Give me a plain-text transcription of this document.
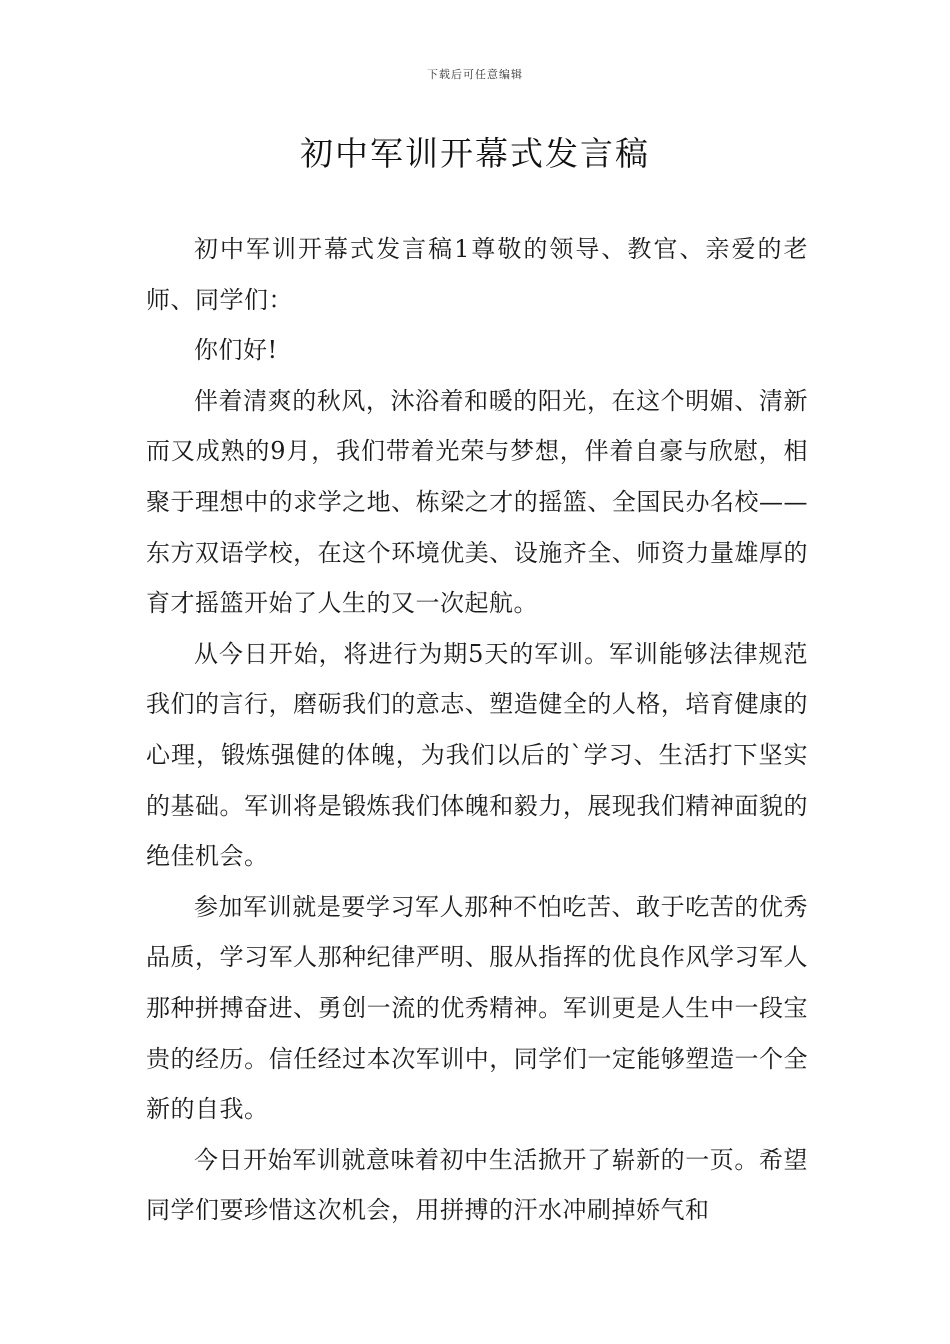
下载后可任意编辑
初中军训开幕式发言稿

初中军训开幕式发言稿1尊敬的领导、教官、亲爱的老师、同学们：

你们好!

伴着清爽的秋风，沐浴着和暖的阳光，在这个明媚、清新而又成熟的9月，我们带着光荣与梦想，伴着自豪与欣慰，相聚于理想中的求学之地、栋梁之才的摇篮、全国民办名校——东方双语学校，在这个环境优美、设施齐全、师资力量雄厚的育才摇篮开始了人生的又一次起航。

从今日开始，将进行为期5天的军训。军训能够法律规范我们的言行，磨砺我们的意志、塑造健全的人格，培育健康的心理，锻炼强健的体魄，为我们以后的`学习、生活打下坚实的基础。军训将是锻炼我们体魄和毅力，展现我们精神面貌的绝佳机会。

参加军训就是要学习军人那种不怕吃苦、敢于吃苦的优秀品质，学习军人那种纪律严明、服从指挥的优良作风学习军人那种拼搏奋进、勇创一流的优秀精神。军训更是人生中一段宝贵的经历。信任经过本次军训中，同学们一定能够塑造一个全新的自我。

今日开始军训就意味着初中生活掀开了崭新的一页。希望同学们要珍惜这次机会，用拼搏的汗水冲刷掉娇气和
